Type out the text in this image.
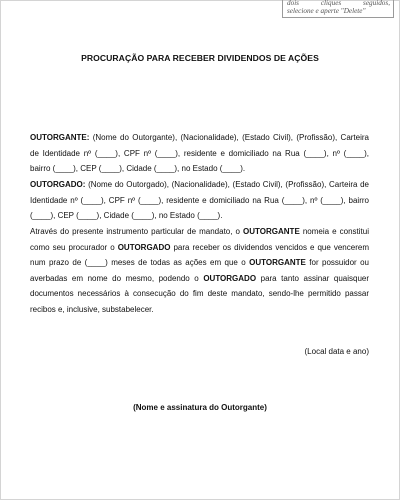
dois cliques seguidos,
selecione e aperte "Delete"
PROCURAÇÃO PARA RECEBER DIVIDENDOS DE AÇÕES

OUTORGANTE: (Nome do Outorgante), (Nacionalidade), (Estado Civil), (Profissão), Carteira de Identidade nº (____), CPF nº (____), residente e domiciliado na Rua (____), nº (____), bairro (____), CEP (____), Cidade (____), no Estado (____).

OUTORGADO: (Nome do Outorgado), (Nacionalidade), (Estado Civil), (Profissão), Carteira de Identidade nº (____), CPF nº (____), residente e domiciliado na Rua (____), nº (____), bairro (____), CEP (____), Cidade (____), no Estado (____).

Através do presente instrumento particular de mandato, o OUTORGANTE nomeia e constitui como seu procurador o OUTORGADO para receber os dividendos vencidos e que vencerem num prazo de (____) meses de todas as ações em que o OUTORGANTE for possuidor ou averbadas em nome do mesmo, podendo o OUTORGADO para tanto assinar quaisquer documentos necessários à consecução do fim deste mandato, sendo-lhe permitido passar recibos e, inclusive, substabelecer.

(Local data e ano)
(Nome e assinatura do Outorgante)
